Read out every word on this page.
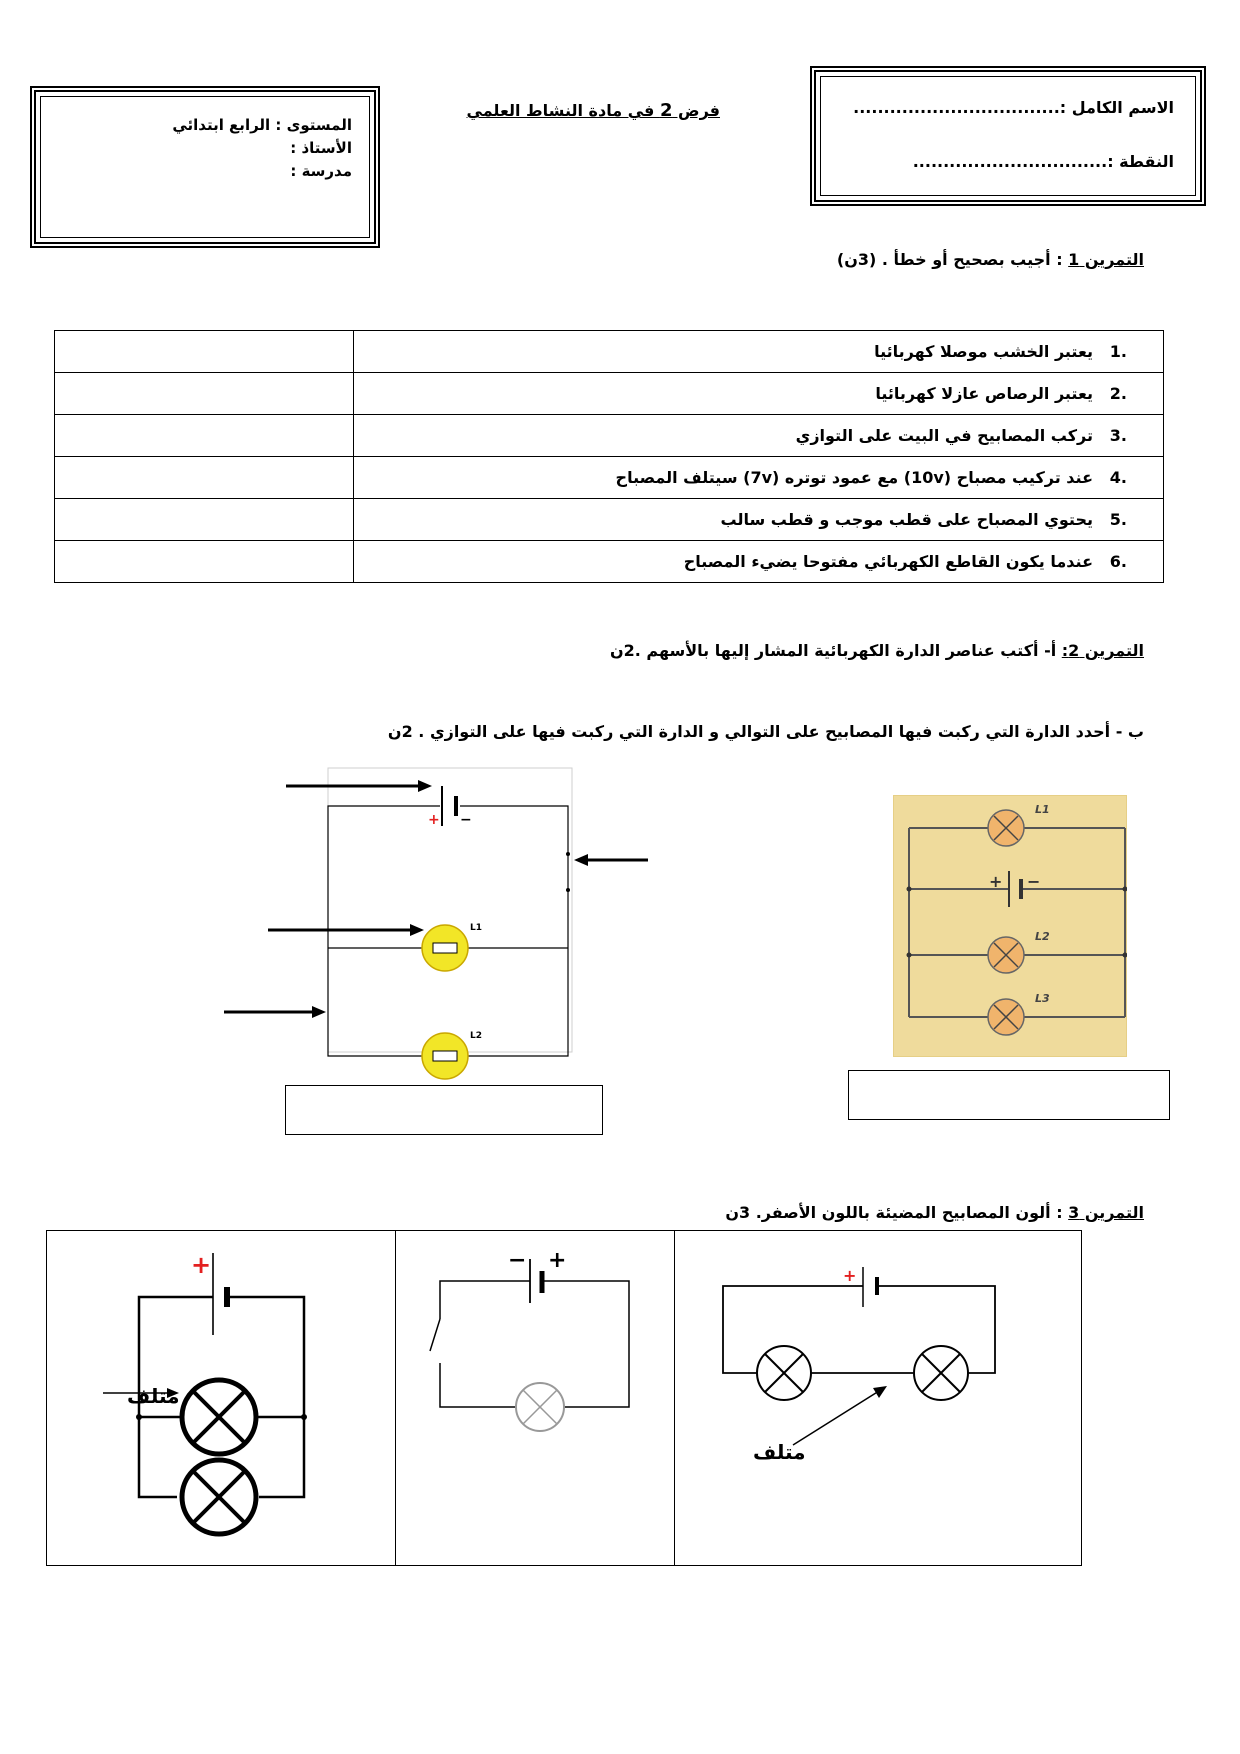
الاسم الكامل :..................................
النقطة :................................
فرض 2 في مادة النشاط العلمي
المستوى : الرابع ابتدائي
الأستاذ :
مدرسة :
التمرين 1 : أجيب بصحيح أو خطأ . (3ن)
	.1يعتبر الخشب موصلا كهربائيا
	.2يعتبر الرصاص عازلا كهربائيا
	.3تركب المصابيح في البيت على التوازي
	.4عند تركيب مصباح (10v) مع عمود توتره (7v) سيتلف المصباح
	.5يحتوي المصباح على قطب موجب و قطب سالب
	.6عندما يكون القاطع الكهربائي مفتوحا يضيء المصباح
التمرين 2: أ- أكتب عناصر الدارة الكهربائية المشار إليها بالأسهم .2ن
ب - أحدد الدارة التي ركبت فيها المصابيح على التوالي و الدارة التي ركبت فيها على التوازي . 2ن
+ −
L1
L2
+ −
L1
L2
L3
التمرين 3 : ألون المصابيح المضيئة باللون الأصفر. 3ن
+
متلف
− +
+
متلف
